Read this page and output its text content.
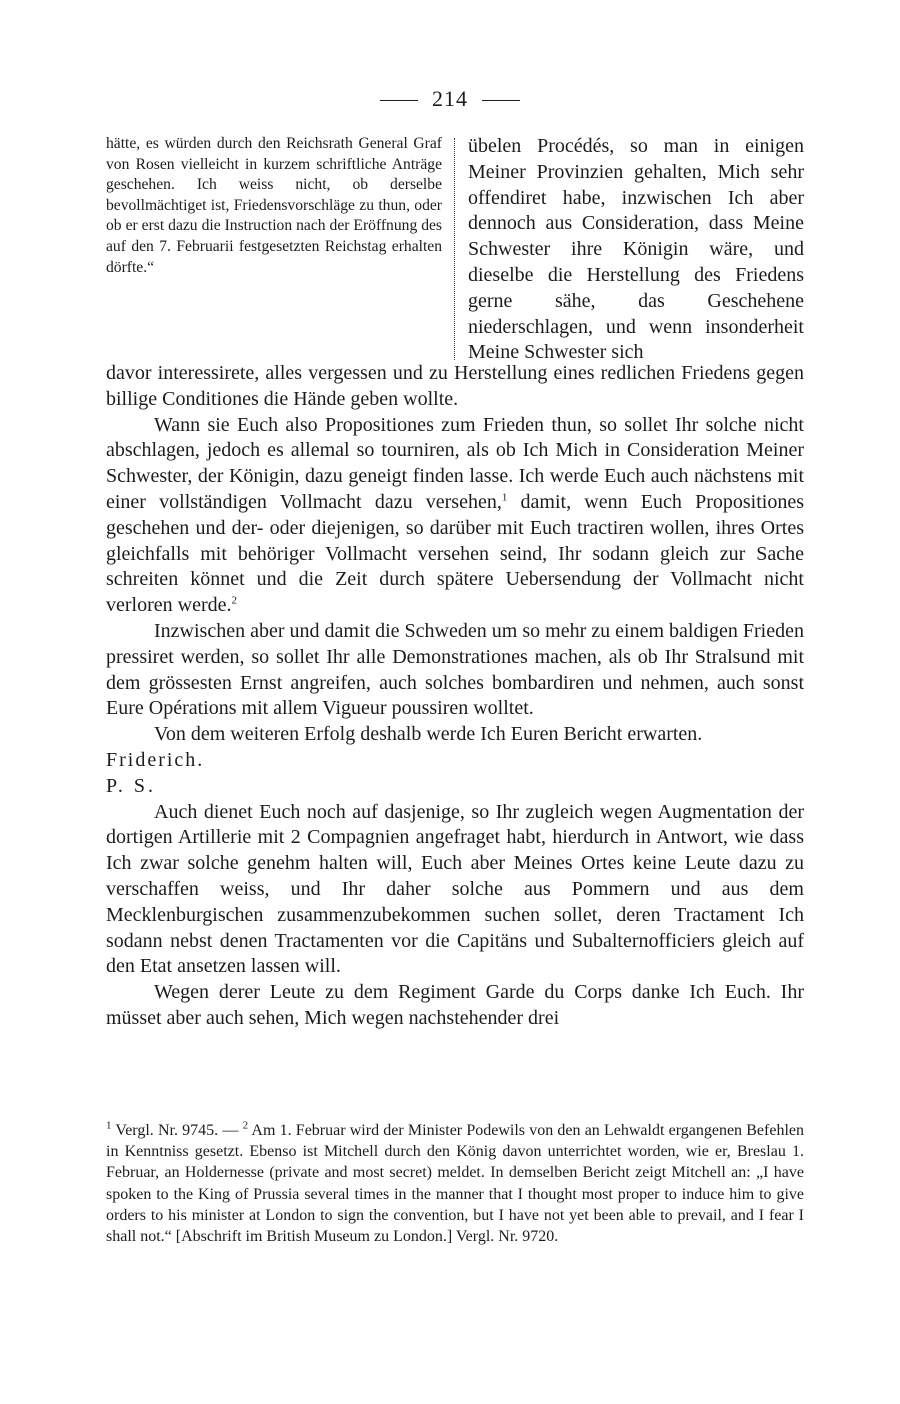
214
hätte, es würden durch den Reichsrath General Graf von Rosen vielleicht in kurzem schriftliche Anträge geschehen. Ich weiss nicht, ob derselbe bevollmächtiget ist, Friedensvorschläge zu thun, oder ob er erst dazu die Instruction nach der Eröffnung des auf den 7. Februarii festgesetzten Reichstag erhalten dörfte.“
übelen Procédés, so man in einigen Meiner Provinzien gehalten, Mich sehr offendiret habe, inzwischen Ich aber dennoch aus Consideration, dass Meine Schwester ihre Königin wäre, und dieselbe die Herstellung des Friedens gerne sähe, das Geschehene niederschlagen, und wenn insonderheit Meine Schwester sich

davor interessirete, alles vergessen und zu Herstellung eines redlichen Friedens gegen billige Conditiones die Hände geben wollte.

Wann sie Euch also Propositiones zum Frieden thun, so sollet Ihr solche nicht abschlagen, jedoch es allemal so tourniren, als ob Ich Mich in Consideration Meiner Schwester, der Königin, dazu geneigt finden lasse. Ich werde Euch auch nächstens mit einer vollständigen Vollmacht dazu versehen,$^1$ damit, wenn Euch Propositiones geschehen und der- oder diejenigen, so darüber mit Euch tractiren wollen, ihres Ortes gleichfalls mit behöriger Vollmacht versehen seind, Ihr sodann gleich zur Sache schreiten könnet und die Zeit durch spätere Uebersendung der Vollmacht nicht verloren werde.$^2$

Inzwischen aber und damit die Schweden um so mehr zu einem baldigen Frieden pressiret werden, so sollet Ihr alle Demonstrationes machen, als ob Ihr Stralsund mit dem grössesten Ernst angreifen, auch solches bombardiren und nehmen, auch sonst Eure Opérations mit allem Vigueur poussiren wolltet.

Von dem weiteren Erfolg deshalb werde Ich Euren Bericht erwarten.

Friderich.

P. S.

Auch dienet Euch noch auf dasjenige, so Ihr zugleich wegen Augmentation der dortigen Artillerie mit 2 Compagnien angefraget habt, hierdurch in Antwort, wie dass Ich zwar solche genehm halten will, Euch aber Meines Ortes keine Leute dazu zu verschaffen weiss, und Ihr daher solche aus Pommern und aus dem Mecklenburgischen zusammenzubekommen suchen sollet, deren Tractament Ich sodann nebst denen Tractamenten vor die Capitäns und Subalternofficiers gleich auf den Etat ansetzen lassen will.

Wegen derer Leute zu dem Regiment Garde du Corps danke Ich Euch. Ihr müsset aber auch sehen, Mich wegen nachstehender drei

$^1$ Vergl. Nr. 9745. — $^2$ Am 1. Februar wird der Minister Podewils von den an Lehwaldt ergangenen Befehlen in Kenntniss gesetzt. Ebenso ist Mitchell durch den König davon unterrichtet worden, wie er, Breslau 1. Februar, an Holdernesse (private and most secret) meldet. In demselben Bericht zeigt Mitchell an: „I have spoken to the King of Prussia several times in the manner that I thought most proper to induce him to give orders to his minister at London to sign the convention, but I have not yet been able to prevail, and I fear I shall not.“ [Abschrift im British Museum zu London.] Vergl. Nr. 9720.
